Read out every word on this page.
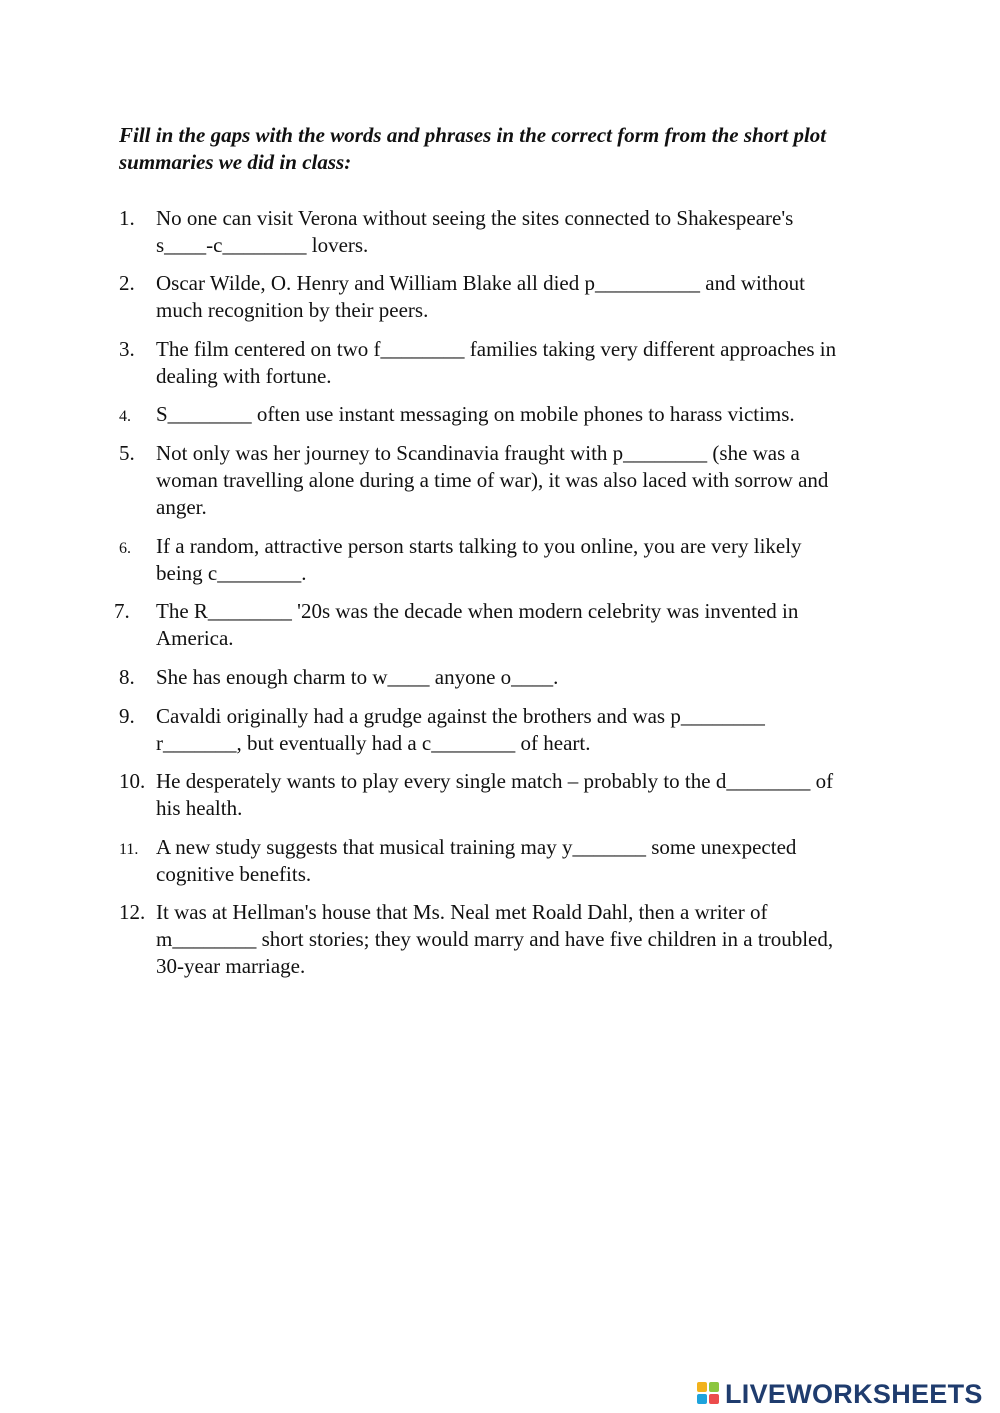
Fill in the gaps with the words and phrases in the correct form from the short plot summaries we did in class:

1. No one can visit Verona without seeing the sites connected to Shakespeare's
s____-c________ lovers.
2. Oscar Wilde, O. Henry and William Blake all died p__________ and without
much recognition by their peers.
3. The film centered on two f________ families taking very different approaches in
dealing with fortune.
4. S________ often use instant messaging on mobile phones to harass victims.
5. Not only was her journey to Scandinavia fraught with p________ (she was a
woman travelling alone during a time of war), it was also laced with sorrow and
anger.
6. If a random, attractive person starts talking to you online, you are very likely
being c________.
7. The R________ '20s was the decade when modern celebrity was invented in
America.
8. She has enough charm to w____ anyone o____.
9. Cavaldi originally had a grudge against the brothers and was p________
r_______, but eventually had a c________ of heart.
10. He desperately wants to play every single match – probably to the d________ of
his health.
11. A new study suggests that musical training may y_______ some unexpected
cognitive benefits.
12. It was at Hellman's house that Ms. Neal met Roald Dahl, then a writer of
m________ short stories; they would marry and have five children in a troubled,
30-year marriage.
LIVEWORKSHEETS
